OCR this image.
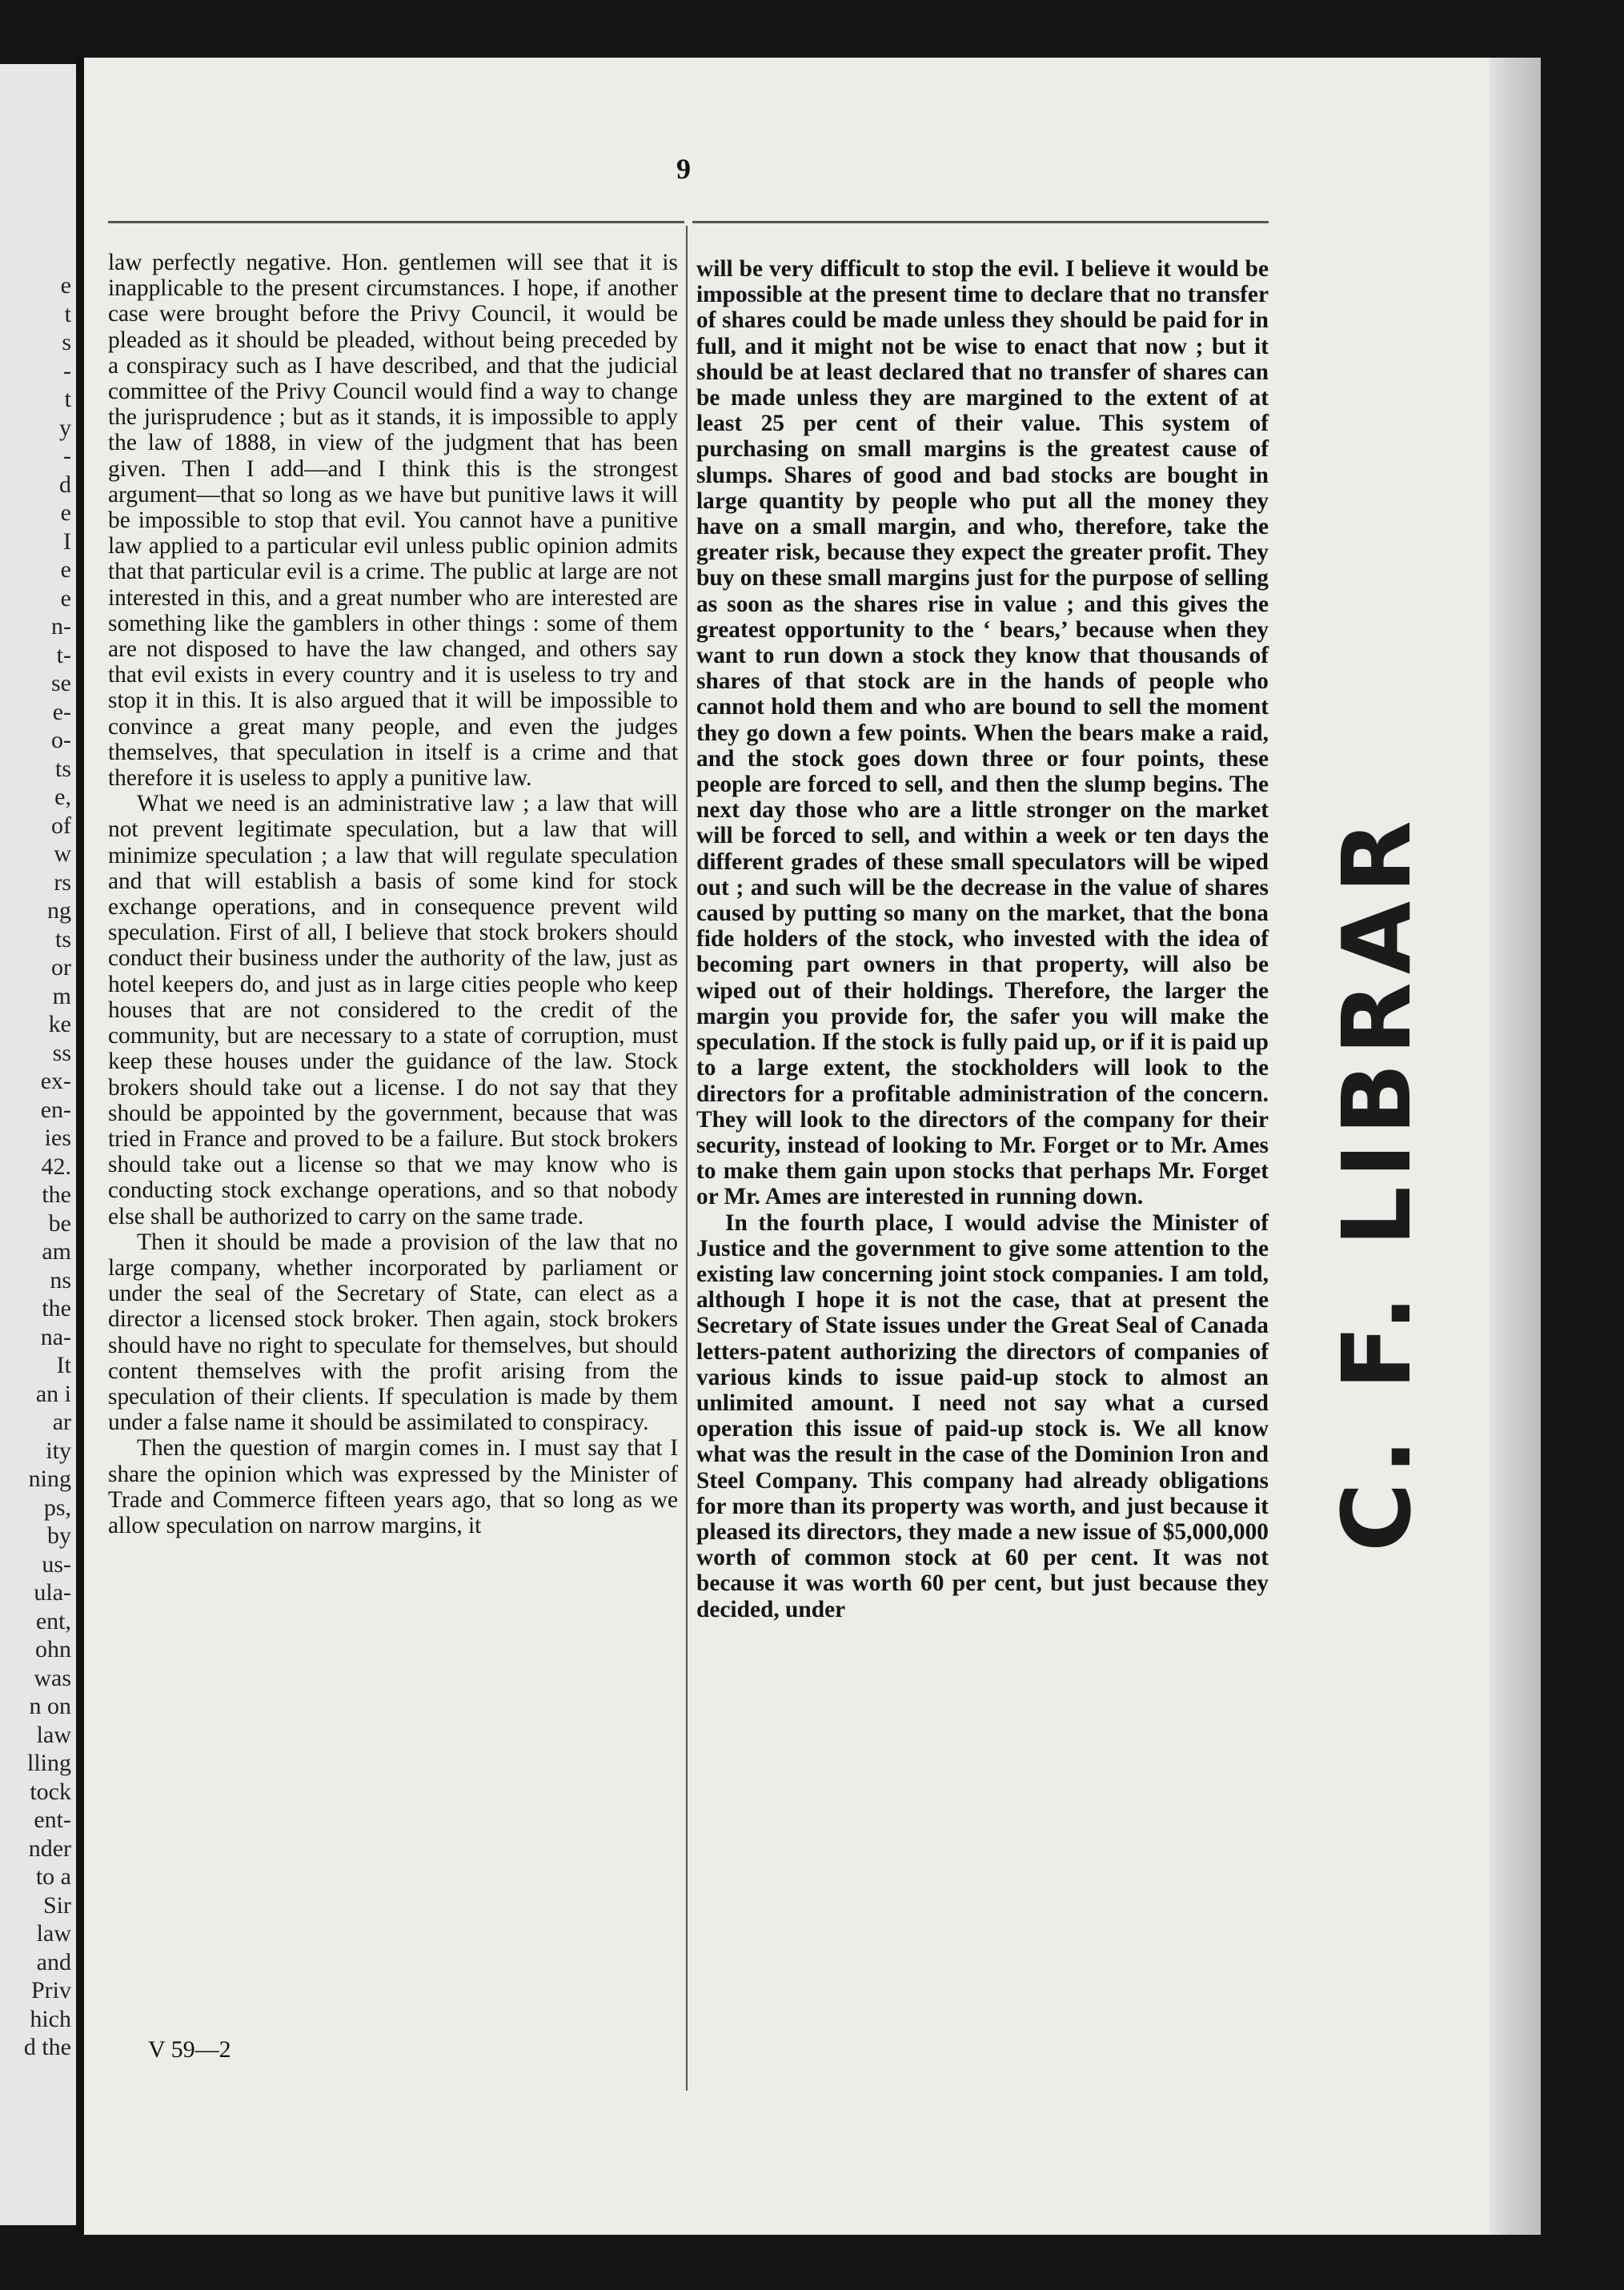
e
t
s
-
t
y
-
d
e
I
e
e
n-
t-
se
e-
o-
ts
e,
of
w
rs
ng
ts
or
m
ke
ss
ex-
en-
ies
42.
the
be
am
ns
the
na-
It
an i
ar
ity
ning
ps,
by
us-
ula-
ent,
ohn
was
n on
law
lling
tock
ent-
nder
to a
Sir
law
and
Priv
hich
d the
9

law perfectly negative. Hon. gentlemen will see that it is inapplicable to the present circumstances. I hope, if another case were brought before the Privy Council, it would be pleaded as it should be pleaded, without being preceded by a conspiracy such as I have described, and that the judicial committee of the Privy Council would find a way to change the jurisprudence ; but as it stands, it is impossible to apply the law of 1888, in view of the judgment that has been given. Then I add—and I think this is the strongest argument—that so long as we have but punitive laws it will be impossible to stop that evil. You cannot have a punitive law applied to a particular evil unless public opinion admits that that particular evil is a crime. The public at large are not interested in this, and a great number who are interested are something like the gamblers in other things : some of them are not disposed to have the law changed, and others say that evil exists in every country and it is useless to try and stop it in this. It is also argued that it will be impossible to convince a great many people, and even the judges themselves, that speculation in itself is a crime and that therefore it is useless to apply a punitive law.

What we need is an administrative law ; a law that will not prevent legitimate speculation, but a law that will minimize speculation ; a law that will regulate speculation and that will establish a basis of some kind for stock exchange operations, and in consequence prevent wild speculation. First of all, I believe that stock brokers should conduct their business under the authority of the law, just as hotel keepers do, and just as in large cities people who keep houses that are not considered to the credit of the community, but are necessary to a state of corruption, must keep these houses under the guidance of the law. Stock brokers should take out a license. I do not say that they should be appointed by the government, because that was tried in France and proved to be a failure. But stock brokers should take out a license so that we may know who is conducting stock exchange operations, and so that nobody else shall be authorized to carry on the same trade.

Then it should be made a provision of the law that no large company, whether incorporated by parliament or under the seal of the Secretary of State, can elect as a director a licensed stock broker. Then again, stock brokers should have no right to speculate for themselves, but should content themselves with the profit arising from the speculation of their clients. If speculation is made by them under a false name it should be assimilated to conspiracy.

Then the question of margin comes in. I must say that I share the opinion which was expressed by the Minister of Trade and Commerce fifteen years ago, that so long as we allow speculation on narrow margins, it

will be very difficult to stop the evil. I believe it would be impossible at the present time to declare that no transfer of shares could be made unless they should be paid for in full, and it might not be wise to enact that now ; but it should be at least declared that no transfer of shares can be made unless they are margined to the extent of at least 25 per cent of their value. This system of purchasing on small margins is the greatest cause of slumps. Shares of good and bad stocks are bought in large quantity by people who put all the money they have on a small margin, and who, therefore, take the greater risk, because they expect the greater profit. They buy on these small margins just for the purpose of selling as soon as the shares rise in value ; and this gives the greatest opportunity to the ‘ bears,’ because when they want to run down a stock they know that thousands of shares of that stock are in the hands of people who cannot hold them and who are bound to sell the moment they go down a few points. When the bears make a raid, and the stock goes down three or four points, these people are forced to sell, and then the slump begins. The next day those who are a little stronger on the market will be forced to sell, and within a week or ten days the different grades of these small speculators will be wiped out ; and such will be the decrease in the value of shares caused by putting so many on the market, that the bona fide holders of the stock, who invested with the idea of becoming part owners in that property, will also be wiped out of their holdings. Therefore, the larger the margin you provide for, the safer you will make the speculation. If the stock is fully paid up, or if it is paid up to a large extent, the stockholders will look to the directors for a profitable administration of the concern. They will look to the directors of the company for their security, instead of looking to Mr. Forget or to Mr. Ames to make them gain upon stocks that perhaps Mr. Forget or Mr. Ames are interested in running down.

In the fourth place, I would advise the Minister of Justice and the government to give some attention to the existing law concerning joint stock companies. I am told, although I hope it is not the case, that at present the Secretary of State issues under the Great Seal of Canada letters-patent authorizing the directors of companies of various kinds to issue paid-up stock to almost an unlimited amount. I need not say what a cursed operation this issue of paid-up stock is. We all know what was the result in the case of the Dominion Iron and Steel Company. This company had already obligations for more than its property was worth, and just because it pleased its directors, they made a new issue of $5,000,000 worth of common stock at 60 per cent. It was not because it was worth 60 per cent, but just because they decided, under

V 59—2
C. F. LIBRAR
